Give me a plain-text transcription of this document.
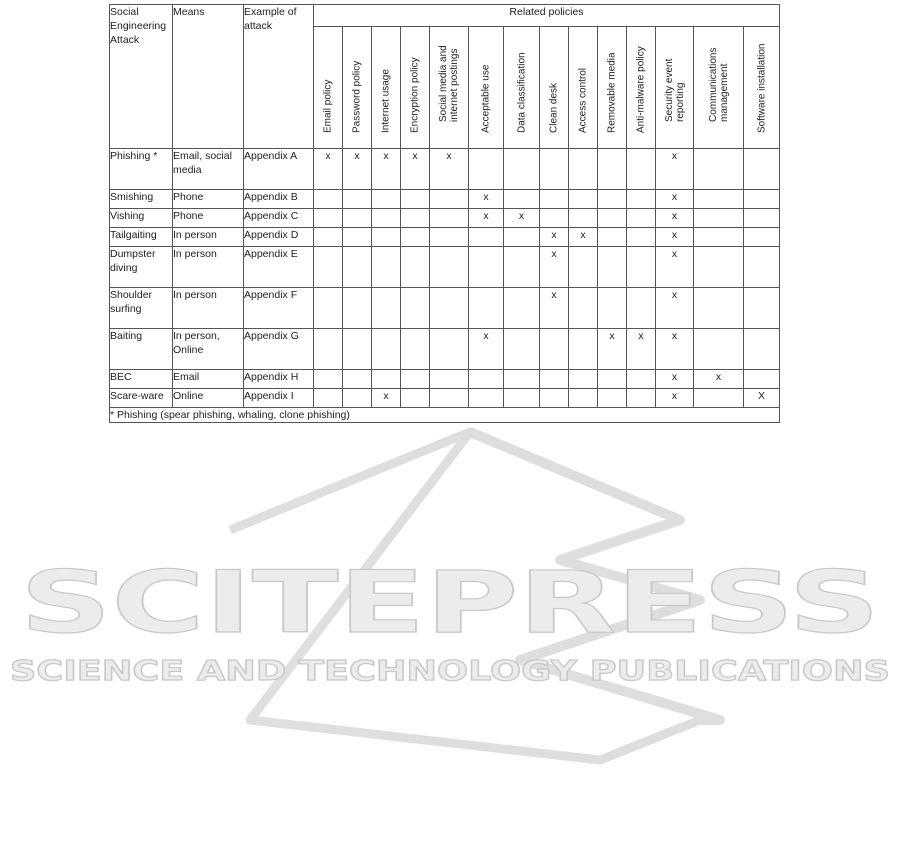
SCITEPRESS
SCIENCE AND TECHNOLOGY PUBLICATIONS
Social Engineering Attack	Means	Example of attack	Related policies													

			Email policy	Password policy	Internet usage	Encryption policy	Social media and internet postings	Acceptable use	Data classification	Clean desk	Access control	Removable media	Anti-malware policy	Security event reporting	Communications management	Software installation

Phishing *	Email, social media	Appendix A	x	x	x	x	x							x		
Smishing	Phone	Appendix B						x						x		
Vishing	Phone	Appendix C						x	x					x		
Tailgaiting	In person	Appendix D								x	x			x		
Dumpster diving	In person	Appendix E								x				x		
Shoulder surfing	In person	Appendix F								x				x		
Baiting	In person, Online	Appendix G						x				x	x	x		
BEC	Email	Appendix H												x	x	
Scare-ware	Online	Appendix I			x									x		X
* Phishing (spear phishing, whaling, clone phishing)																
